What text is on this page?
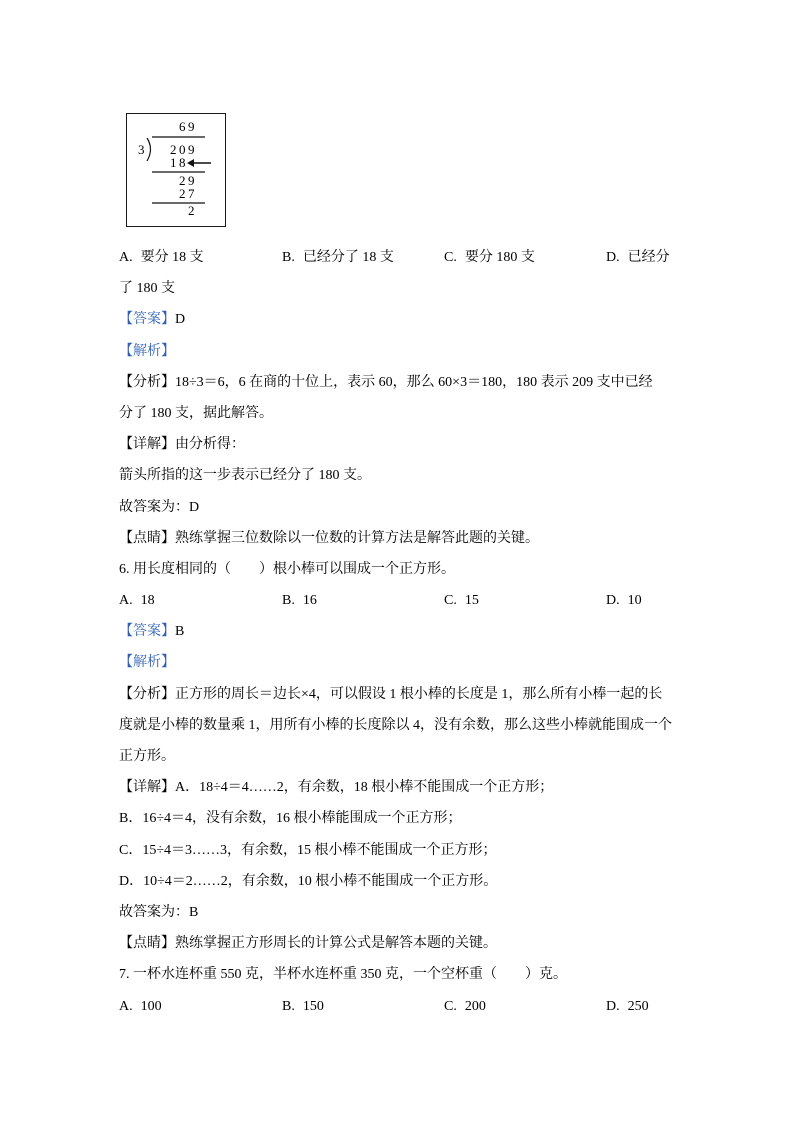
69
3 209
18
29
27
2
A. 要分 18 支	B. 已经分了 18 支	C. 要分 180 支	D. 已经分
了 180 支
【答案】D
【解析】
【分析】18÷3＝6，6 在商的十位上，表示 60，那么 60×3＝180，180 表示 209 支中已经
分了 180 支，据此解答。
【详解】由分析得：
箭头所指的这一步表示已经分了 180 支。
故答案为：D
【点睛】熟练掌握三位数除以一位数的计算方法是解答此题的关键。
6. 用长度相同的（　　）根小棒可以围成一个正方形。
A. 18	B. 16	C. 15	D. 10
【答案】B
【解析】
【分析】正方形的周长＝边长×4，可以假设 1 根小棒的长度是 1，那么所有小棒一起的长
度就是小棒的数量乘 1，用所有小棒的长度除以 4，没有余数，那么这些小棒就能围成一个
正方形。
【详解】A．18÷4＝4……2，有余数，18 根小棒不能围成一个正方形；
B．16÷4＝4，没有余数，16 根小棒能围成一个正方形；
C．15÷4＝3……3，有余数，15 根小棒不能围成一个正方形；
D．10÷4＝2……2，有余数，10 根小棒不能围成一个正方形。
故答案为：B
【点睛】熟练掌握正方形周长的计算公式是解答本题的关键。
7. 一杯水连杯重 550 克，半杯水连杯重 350 克，一个空杯重（　　）克。
A. 100	B. 150	C. 200	D. 250
